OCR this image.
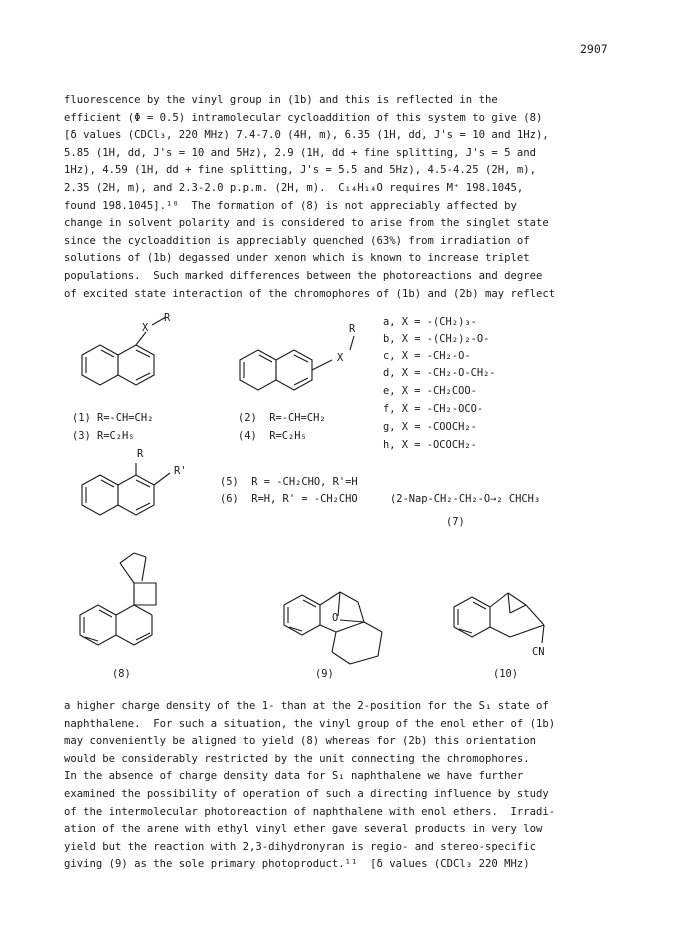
2907
fluorescence by the vinyl group in (1b) and this is reflected in the
efficient (Φ = 0.5) intramolecular cycloaddition of this system to give (8)
[δ values (CDCl₃, 220 MHz) 7.4-7.0 (4H, m), 6.35 (1H, dd, J's = 10 and 1Hz),
5.85 (1H, dd, J's = 10 and 5Hz), 2.9 (1H, dd + fine splitting, J's = 5 and
1Hz), 4.59 (1H, dd + fine splitting, J's = 5.5 and 5Hz), 4.5-4.25 (2H, m),
2.35 (2H, m), and 2.3-2.0 p.p.m. (2H, m).  C₁₄H₁₄O requires M⁺ 198.1045,
found 198.1045].¹⁰  The formation of (8) is not appreciably affected by
change in solvent polarity and is considered to arise from the singlet state
since the cycloaddition is appreciably quenched (63%) from irradiation of
solutions of (1b) degassed under xenon which is known to increase triplet
populations.  Such marked differences between the photoreactions and degree
of excited state interaction of the chromophores of (1b) and (2b) may reflect
X
R
R
X
a, X = -(CH₂)₃-
b, X = -(CH₂)₂-O-
c, X = -CH₂-O-
d, X = -CH₂-O-CH₂-
e, X = -CH₂COO-
f, X = -CH₂-OCO-
g, X = -COOCH₂-
h, X = -OCOCH₂-
(1) R=-CH=CH₂
(3) R=C₂H₅
(2)  R=-CH=CH₂
(4)  R=C₂H₅
R
R'
(5)  R = -CH₂CHO, R'=H
(6)  R=H, R' = -CH₂CHO	(2-Nap-CH₂-CH₂-O→₂ CHCH₃
(7)
O
CN
(8)	(9)	(10)
a higher charge density of the 1- than at the 2-position for the S₁ state of
naphthalene.  For such a situation, the vinyl group of the enol ether of (1b)
may conveniently be aligned to yield (8) whereas for (2b) this orientation
would be considerably restricted by the unit connecting the chromophores.
In the absence of charge density data for S₁ naphthalene we have further
examined the possibility of operation of such a directing influence by study
of the intermolecular photoreaction of naphthalene with enol ethers.  Irradi-
ation of the arene with ethyl vinyl ether gave several products in very low
yield but the reaction with 2,3-dihydronyran is regio- and stereo-specific
giving (9) as the sole primary photoproduct.¹¹  [δ values (CDCl₃ 220 MHz)
